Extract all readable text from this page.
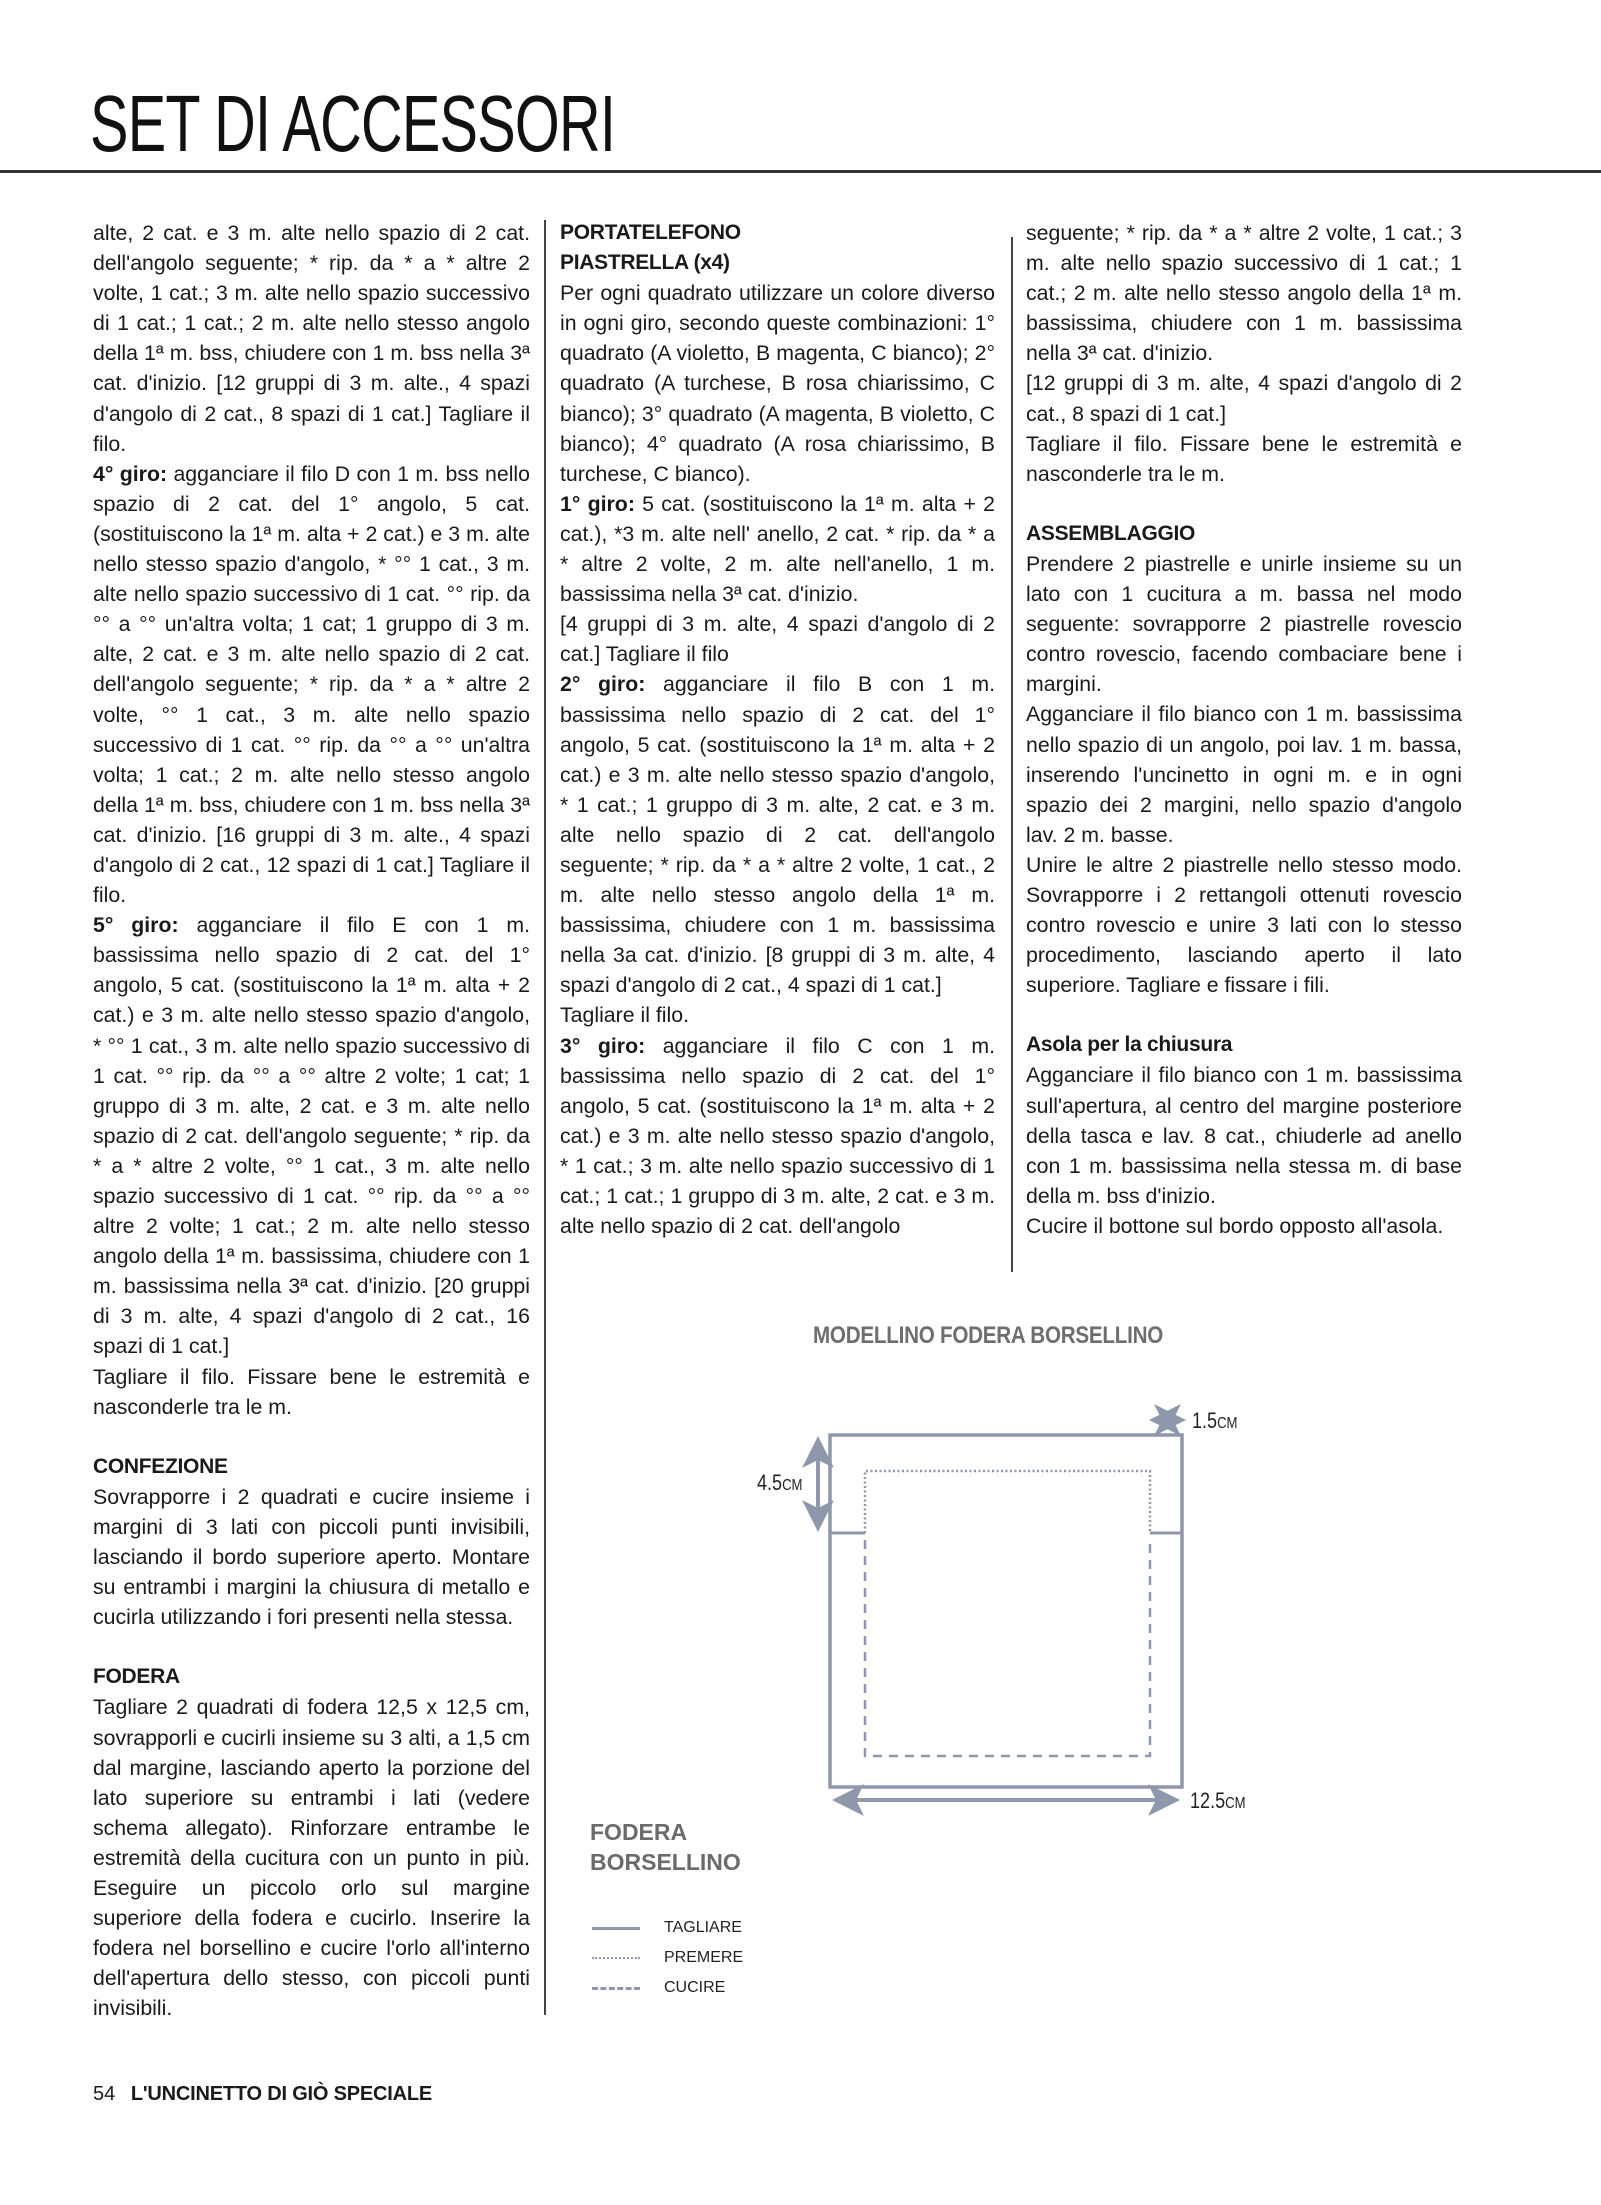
SET DI ACCESSORI

alte, 2 cat. e 3 m. alte nello spazio di 2 cat. dell'angolo seguente; * rip. da * a * altre 2 volte, 1 cat.; 3 m. alte nello spazio successivo di 1 cat.; 1 cat.; 2 m. alte nello stesso angolo della 1ª m. bss, chiudere con 1 m. bss nella 3ª cat. d'inizio. [12 gruppi di 3 m. alte., 4 spazi d'angolo di 2 cat., 8 spazi di 1 cat.] Tagliare il filo.

4° giro: agganciare il filo D con 1 m. bss nello spazio di 2 cat. del 1° angolo, 5 cat. (sostituiscono la 1ª m. alta + 2 cat.) e 3 m. alte nello stesso spazio d'angolo, * °° 1 cat., 3 m. alte nello spazio successivo di 1 cat. °° rip. da °° a °° un'altra volta; 1 cat; 1 gruppo di 3 m. alte, 2 cat. e 3 m. alte nello spazio di 2 cat. dell'angolo seguente; * rip. da * a * altre 2 volte, °° 1 cat., 3 m. alte nello spazio successivo di 1 cat. °° rip. da °° a °° un'altra volta; 1 cat.; 2 m. alte nello stesso angolo della 1ª m. bss, chiudere con 1 m. bss nella 3ª cat. d'inizio. [16 gruppi di 3 m. alte., 4 spazi d'angolo di 2 cat., 12 spazi di 1 cat.] Tagliare il filo.

5° giro: agganciare il filo E con 1 m. bassissima nello spazio di 2 cat. del 1° angolo, 5 cat. (sostituiscono la 1ª m. alta + 2 cat.) e 3 m. alte nello stesso spazio d'angolo, * °° 1 cat., 3 m. alte nello spazio successivo di 1 cat. °° rip. da °° a °° altre 2 volte; 1 cat; 1 gruppo di 3 m. alte, 2 cat. e 3 m. alte nello spazio di 2 cat. dell'angolo seguente; * rip. da * a * altre 2 volte, °° 1 cat., 3 m. alte nello spazio successivo di 1 cat. °° rip. da °° a °° altre 2 volte; 1 cat.; 2 m. alte nello stesso angolo della 1ª m. bassissima, chiudere con 1 m. bassissima nella 3ª cat. d'inizio. [20 gruppi di 3 m. alte, 4 spazi d'angolo di 2 cat., 16 spazi di 1 cat.]

Tagliare il filo. Fissare bene le estremità e nasconderle tra le m.

CONFEZIONE

Sovrapporre i 2 quadrati e cucire insieme i margini di 3 lati con piccoli punti invisibili, lasciando il bordo superiore aperto. Montare su entrambi i margini la chiusura di metallo e cucirla utilizzando i fori presenti nella stessa.

FODERA

Tagliare 2 quadrati di fodera 12,5 x 12,5 cm, sovrapporli e cucirli insieme su 3 alti, a 1,5 cm dal margine, lasciando aperto la porzione del lato superiore su entrambi i lati (vedere schema allegato). Rinforzare entrambe le estremità della cucitura con un punto in più. Eseguire un piccolo orlo sul margine superiore della fodera e cucirlo. Inserire la fodera nel borsellino e cucire l'orlo all'interno dell'apertura dello stesso, con piccoli punti invisibili.

PORTATELEFONO
PIASTRELLA (x4)

Per ogni quadrato utilizzare un colore diverso in ogni giro, secondo queste combinazioni: 1° quadrato (A violetto, B magenta, C bianco); 2° quadrato (A turchese, B rosa chiarissimo, C bianco); 3° quadrato (A magenta, B violetto, C bianco); 4° quadrato (A rosa chiarissimo, B turchese, C bianco).

1° giro: 5 cat. (sostituiscono la 1ª m. alta + 2 cat.), *3 m. alte nell' anello, 2 cat. * rip. da * a * altre 2 volte, 2 m. alte nell'anello, 1 m. bassissima nella 3ª cat. d'inizio.

[4 gruppi di 3 m. alte, 4 spazi d'angolo di 2 cat.] Tagliare il filo

2° giro: agganciare il filo B con 1 m. bassissima nello spazio di 2 cat. del 1° angolo, 5 cat. (sostituiscono la 1ª m. alta + 2 cat.) e 3 m. alte nello stesso spazio d'angolo, * 1 cat.; 1 gruppo di 3 m. alte, 2 cat. e 3 m. alte nello spazio di 2 cat. dell'angolo seguente; * rip. da * a * altre 2 volte, 1 cat., 2 m. alte nello stesso angolo della 1ª m. bassissima, chiudere con 1 m. bassissima nella 3a cat. d'inizio. [8 gruppi di 3 m. alte, 4 spazi d'angolo di 2 cat., 4 spazi di 1 cat.]

Tagliare il filo.

3° giro: agganciare il filo C con 1 m. bassissima nello spazio di 2 cat. del 1° angolo, 5 cat. (sostituiscono la 1ª m. alta + 2 cat.) e 3 m. alte nello stesso spazio d'angolo, * 1 cat.; 3 m. alte nello spazio successivo di 1 cat.; 1 cat.; 1 gruppo di 3 m. alte, 2 cat. e 3 m. alte nello spazio di 2 cat. dell'angolo

seguente; * rip. da * a * altre 2 volte, 1 cat.; 3 m. alte nello spazio successivo di 1 cat.; 1 cat.; 2 m. alte nello stesso angolo della 1ª m. bassissima, chiudere con 1 m. bassissima nella 3ª cat. d'inizio.

[12 gruppi di 3 m. alte, 4 spazi d'angolo di 2 cat., 8 spazi di 1 cat.]

Tagliare il filo. Fissare bene le estremità e nasconderle tra le m.

ASSEMBLAGGIO

Prendere 2 piastrelle e unirle insieme su un lato con 1 cucitura a m. bassa nel modo seguente: sovrapporre 2 piastrelle rovescio contro rovescio, facendo combaciare bene i margini.

Agganciare il filo bianco con 1 m. bassissima nello spazio di un angolo, poi lav. 1 m. bassa, inserendo l'uncinetto in ogni m. e in ogni spazio dei 2 margini, nello spazio d'angolo lav. 2 m. basse.

Unire le altre 2 piastrelle nello stesso modo. Sovrapporre i 2 rettangoli ottenuti rovescio contro rovescio e unire 3 lati con lo stesso procedimento, lasciando aperto il lato superiore. Tagliare e fissare i fili.

Asola per la chiusura

Agganciare il filo bianco con 1 m. bassissima sull'apertura, al centro del margine posteriore della tasca e lav. 8 cat., chiuderle ad anello con 1 m. bassissima nella stessa m. di base della m. bss d'inizio.

Cucire il bottone sul bordo opposto all'asola.

MODELLINO FODERA BORSELLINO
1.5CM
4.5CM
12.5CM
FODERA
BORSELLINO
TAGLIARE
PREMERE
CUCIRE
54 L'UNCINETTO DI GIÒ SPECIALE
